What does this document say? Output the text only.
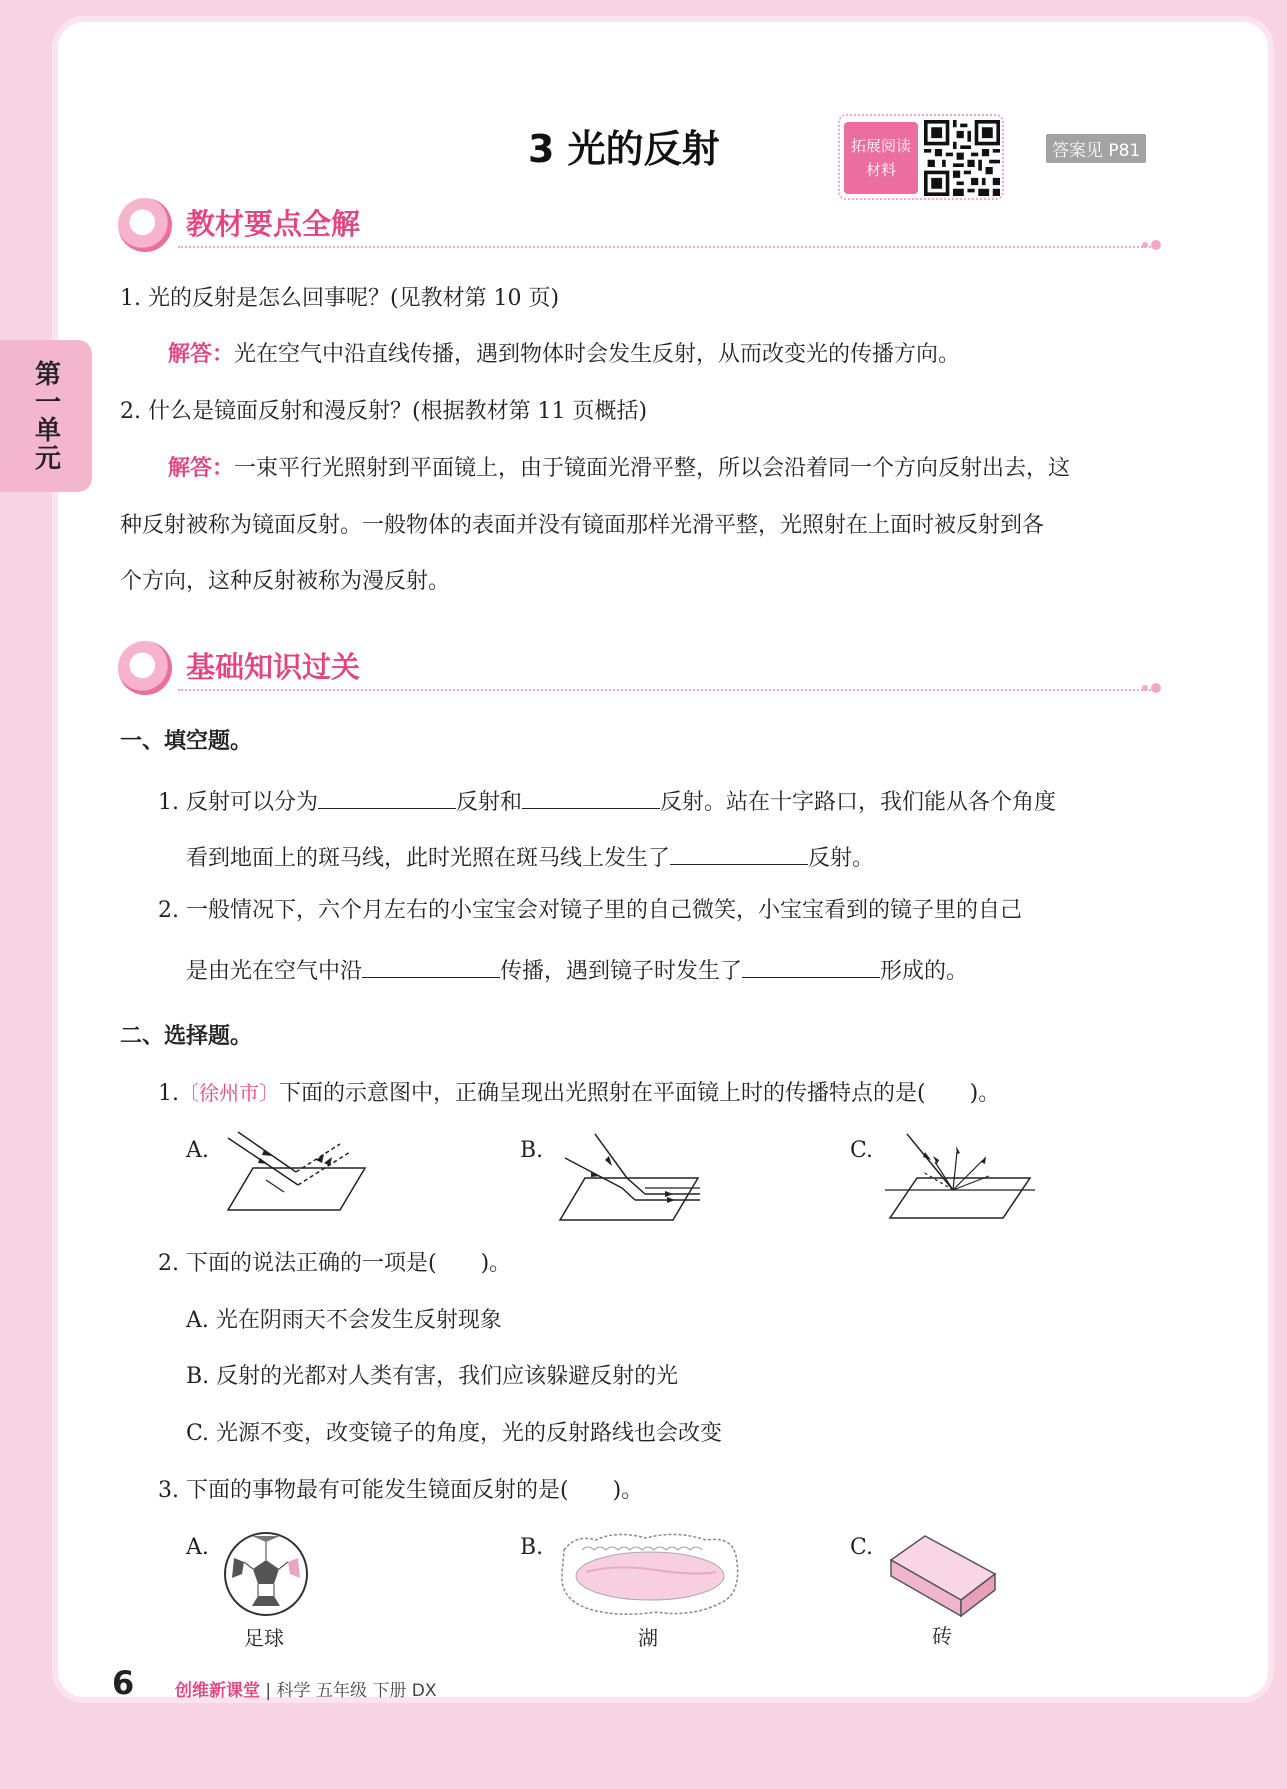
第一单元
3 光的反射	拓展阅读材料
答案见 P81
教材要点全解
1. 光的反射是怎么回事呢？(见教材第 10 页)
解答：光在空气中沿直线传播，遇到物体时会发生反射，从而改变光的传播方向。
2. 什么是镜面反射和漫反射？(根据教材第 11 页概括)
解答：一束平行光照射到平面镜上，由于镜面光滑平整，所以会沿着同一个方向反射出去，这
种反射被称为镜面反射。一般物体的表面并没有镜面那样光滑平整，光照射在上面时被反射到各
个方向，这种反射被称为漫反射。
基础知识过关
一、填空题。
1. 反射可以分为	反射和	反射。站在十字路口，我们能从各个角度
看到地面上的斑马线，此时光照在斑马线上发生了	反射。
2. 一般情况下，六个月左右的小宝宝会对镜子里的自己微笑，小宝宝看到的镜子里的自己
是由光在空气中沿	传播，遇到镜子时发生了	形成的。
二、选择题。
1.〔徐州市〕下面的示意图中，正确呈现出光照射在平面镜上时的传播特点的是(　　)。
A.	B.	C.
2. 下面的说法正确的一项是(　　)。
A. 光在阴雨天不会发生反射现象
B. 反射的光都对人类有害，我们应该躲避反射的光
C. 光源不变，改变镜子的角度，光的反射路线也会改变
3. 下面的事物最有可能发生镜面反射的是(　　)。
A.
足球
B.
湖
C.
砖
6 创维新课堂 | 科学 五年级 下册 DX
